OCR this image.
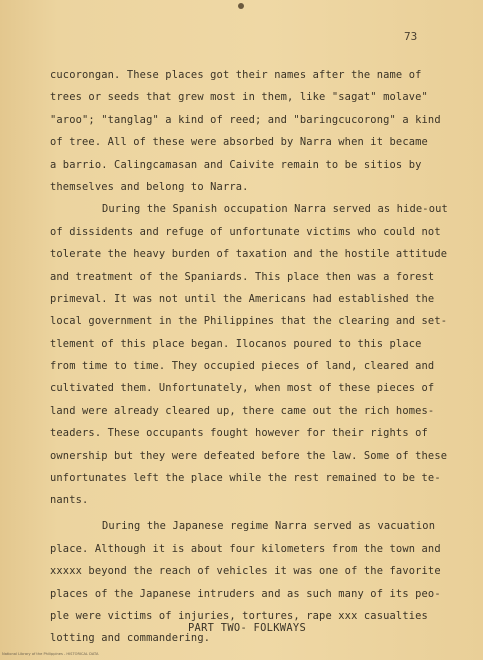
73
cucorongan. These places got their names after the name of
trees or seeds that grew most in them, like "sagat" molave"
"aroo"; "tanglag" a kind of reed; and "baringcucorong" a kind
of tree. All of these were absorbed by Narra when it became
a barrio. Calingcamasan and Caivite remain to be sitios by
themselves and belong to Narra.
During the Spanish occupation Narra served as hide-out
of dissidents and refuge of unfortunate victims who could not
tolerate the heavy burden of taxation and the hostile attitude
and treatment of the Spaniards. This place then was a forest
primeval. It was not until the Americans had established the
local government in the Philippines that the clearing and set-
tlement of this place began. Ilocanos poured to this place
from time to time. They occupied pieces of land, cleared and
cultivated them. Unfortunately, when most of these pieces of
land were already cleared up, there came out the rich homes-
teaders. These occupants fought however for their rights of
ownership but they were defeated before the law. Some of these
unfortunates left the place while the rest remained to be te-
nants.
During the Japanese regime Narra served as vacuation
place. Although it is about four kilometers from the town and
xxxxx beyond the reach of vehicles it was one of the favorite
places of the Japanese intruders and as such many of its peo-
ple were victims of injuries, tortures, rape xxx casualties
lotting and commandering.
PART TWO- FOLKWAYS
National Library of the Philippines - HISTORICAL DATA
